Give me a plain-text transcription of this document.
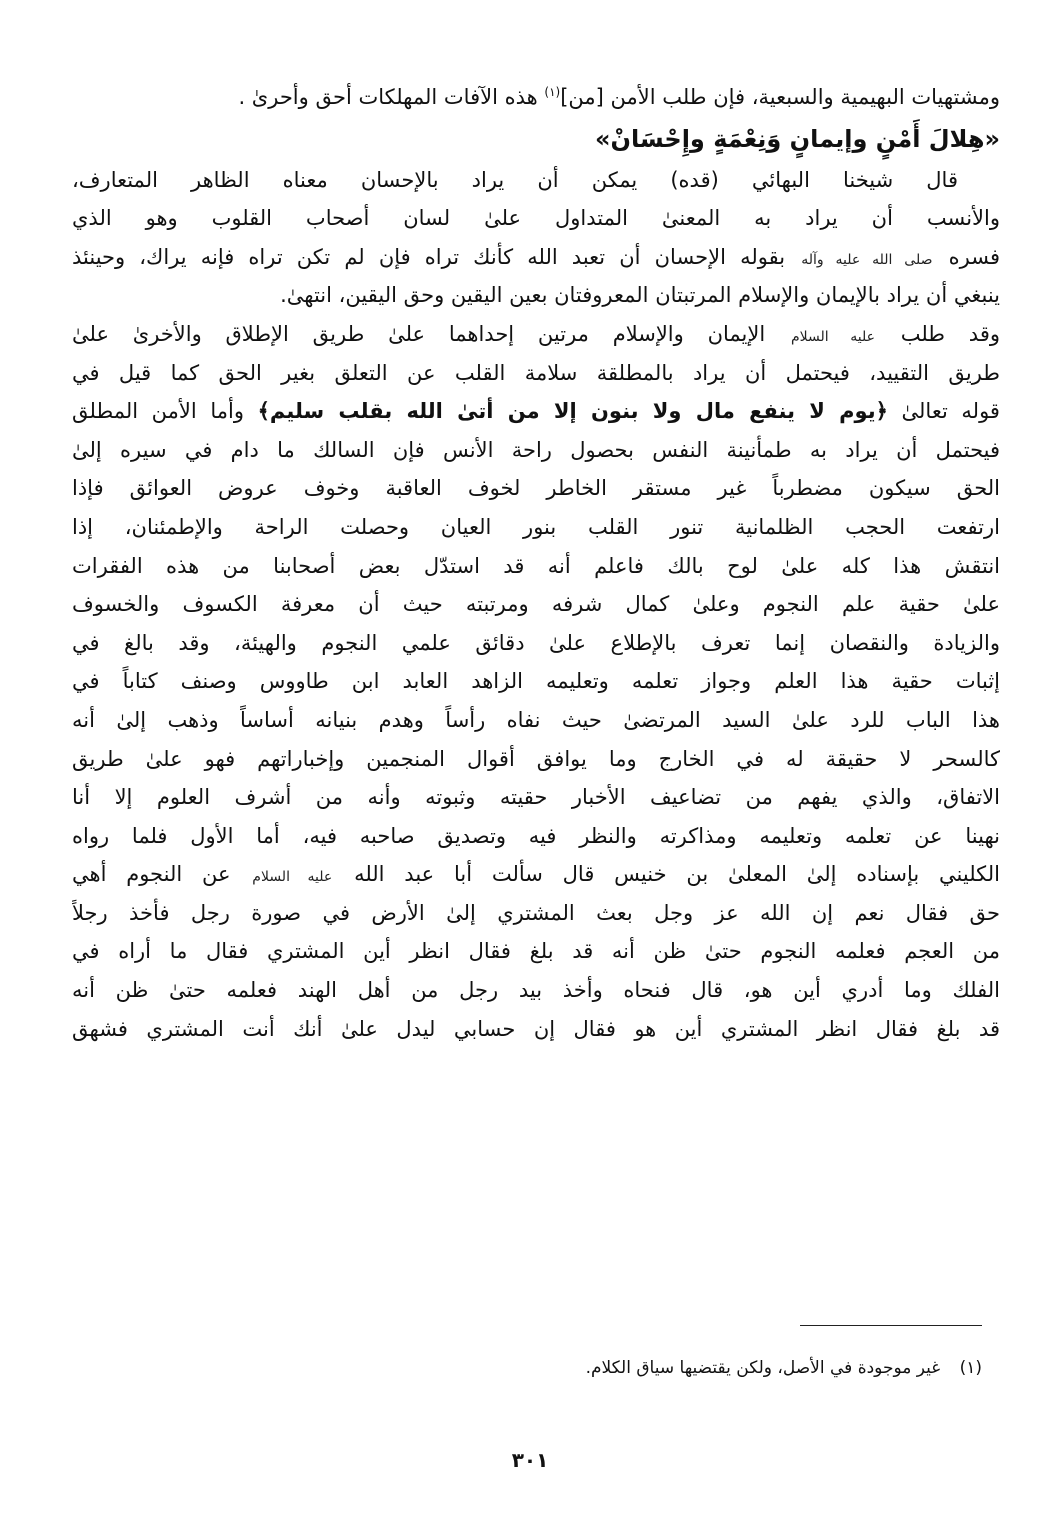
ومشتهيات البهيمية والسبعية، فإن طلب الأمن [من]$^{(١)}$ هذه الآفات المهلكات أحق وأحرىٰ .
«هِلالَ أَمْنٍ وإيمانٍ وَنِعْمَةٍ وإِحْسَانْ»
قال شيخنا البهائي (قده) يمكن أن يراد بالإحسان معناه الظاهر المتعارف،
والأنسب أن يراد به المعنىٰ المتداول علىٰ لسان أصحاب القلوب وهو الذي
فسره صلى الله عليه وآله بقوله الإحسان أن تعبد الله كأنك تراه فإن لم تكن تراه فإنه يراك، وحينئذ
ينبغي أن يراد بالإيمان والإسلام المرتبتان المعروفتان بعين اليقين وحق اليقين، انتهىٰ.
وقد طلب عليه السلام الإيمان والإسلام مرتين إحداهما علىٰ طريق الإطلاق والأخرىٰ علىٰ
طريق التقييد، فيحتمل أن يراد بالمطلقة سلامة القلب عن التعلق بغير الحق كما قيل في
قوله تعالىٰ ﴿يوم لا ينفع مال ولا بنون إلا من أتىٰ الله بقلب سليم﴾ وأما الأمن المطلق
فيحتمل أن يراد به طمأنينة النفس بحصول راحة الأنس فإن السالك ما دام في سيره إلىٰ
الحق سيكون مضطرباً غير مستقر الخاطر لخوف العاقبة وخوف عروض العوائق فإذا
ارتفعت الحجب الظلمانية تنور القلب بنور العيان وحصلت الراحة والإطمئنان، إذا
انتقش هذا كله علىٰ لوح بالك فاعلم أنه قد استدّل بعض أصحابنا من هذه الفقرات
علىٰ حقية علم النجوم وعلىٰ كمال شرفه ومرتبته حيث أن معرفة الكسوف والخسوف
والزيادة والنقصان إنما تعرف بالإطلاع علىٰ دقائق علمي النجوم والهيئة، وقد بالغ في
إثبات حقية هذا العلم وجواز تعلمه وتعليمه الزاهد العابد ابن طاووس وصنف كتاباً في
هذا الباب للرد علىٰ السيد المرتضىٰ حيث نفاه رأساً وهدم بنيانه أساساً وذهب إلىٰ أنه
كالسحر لا حقيقة له في الخارج وما يوافق أقوال المنجمين وإخباراتهم فهو علىٰ طريق
الاتفاق، والذي يفهم من تضاعيف الأخبار حقيته وثبوته وأنه من أشرف العلوم إلا أنا
نهينا عن تعلمه وتعليمه ومذاكرته والنظر فيه وتصديق صاحبه فيه، أما الأول فلما رواه
الكليني بإسناده إلىٰ المعلىٰ بن خنيس قال سألت أبا عبد الله عليه السلام عن النجوم أهي
حق فقال نعم إن الله عز وجل بعث المشتري إلىٰ الأرض في صورة رجل فأخذ رجلاً
من العجم فعلمه النجوم حتىٰ ظن أنه قد بلغ فقال انظر أين المشتري فقال ما أراه في
الفلك وما أدري أين هو، قال فنحاه وأخذ بيد رجل من أهل الهند فعلمه حتىٰ ظن أنه
قد بلغ فقال انظر المشتري أين هو فقال إن حسابي ليدل علىٰ أنك أنت المشتري فشهق
(١) غير موجودة في الأصل، ولكن يقتضيها سياق الكلام.
٣٠١
